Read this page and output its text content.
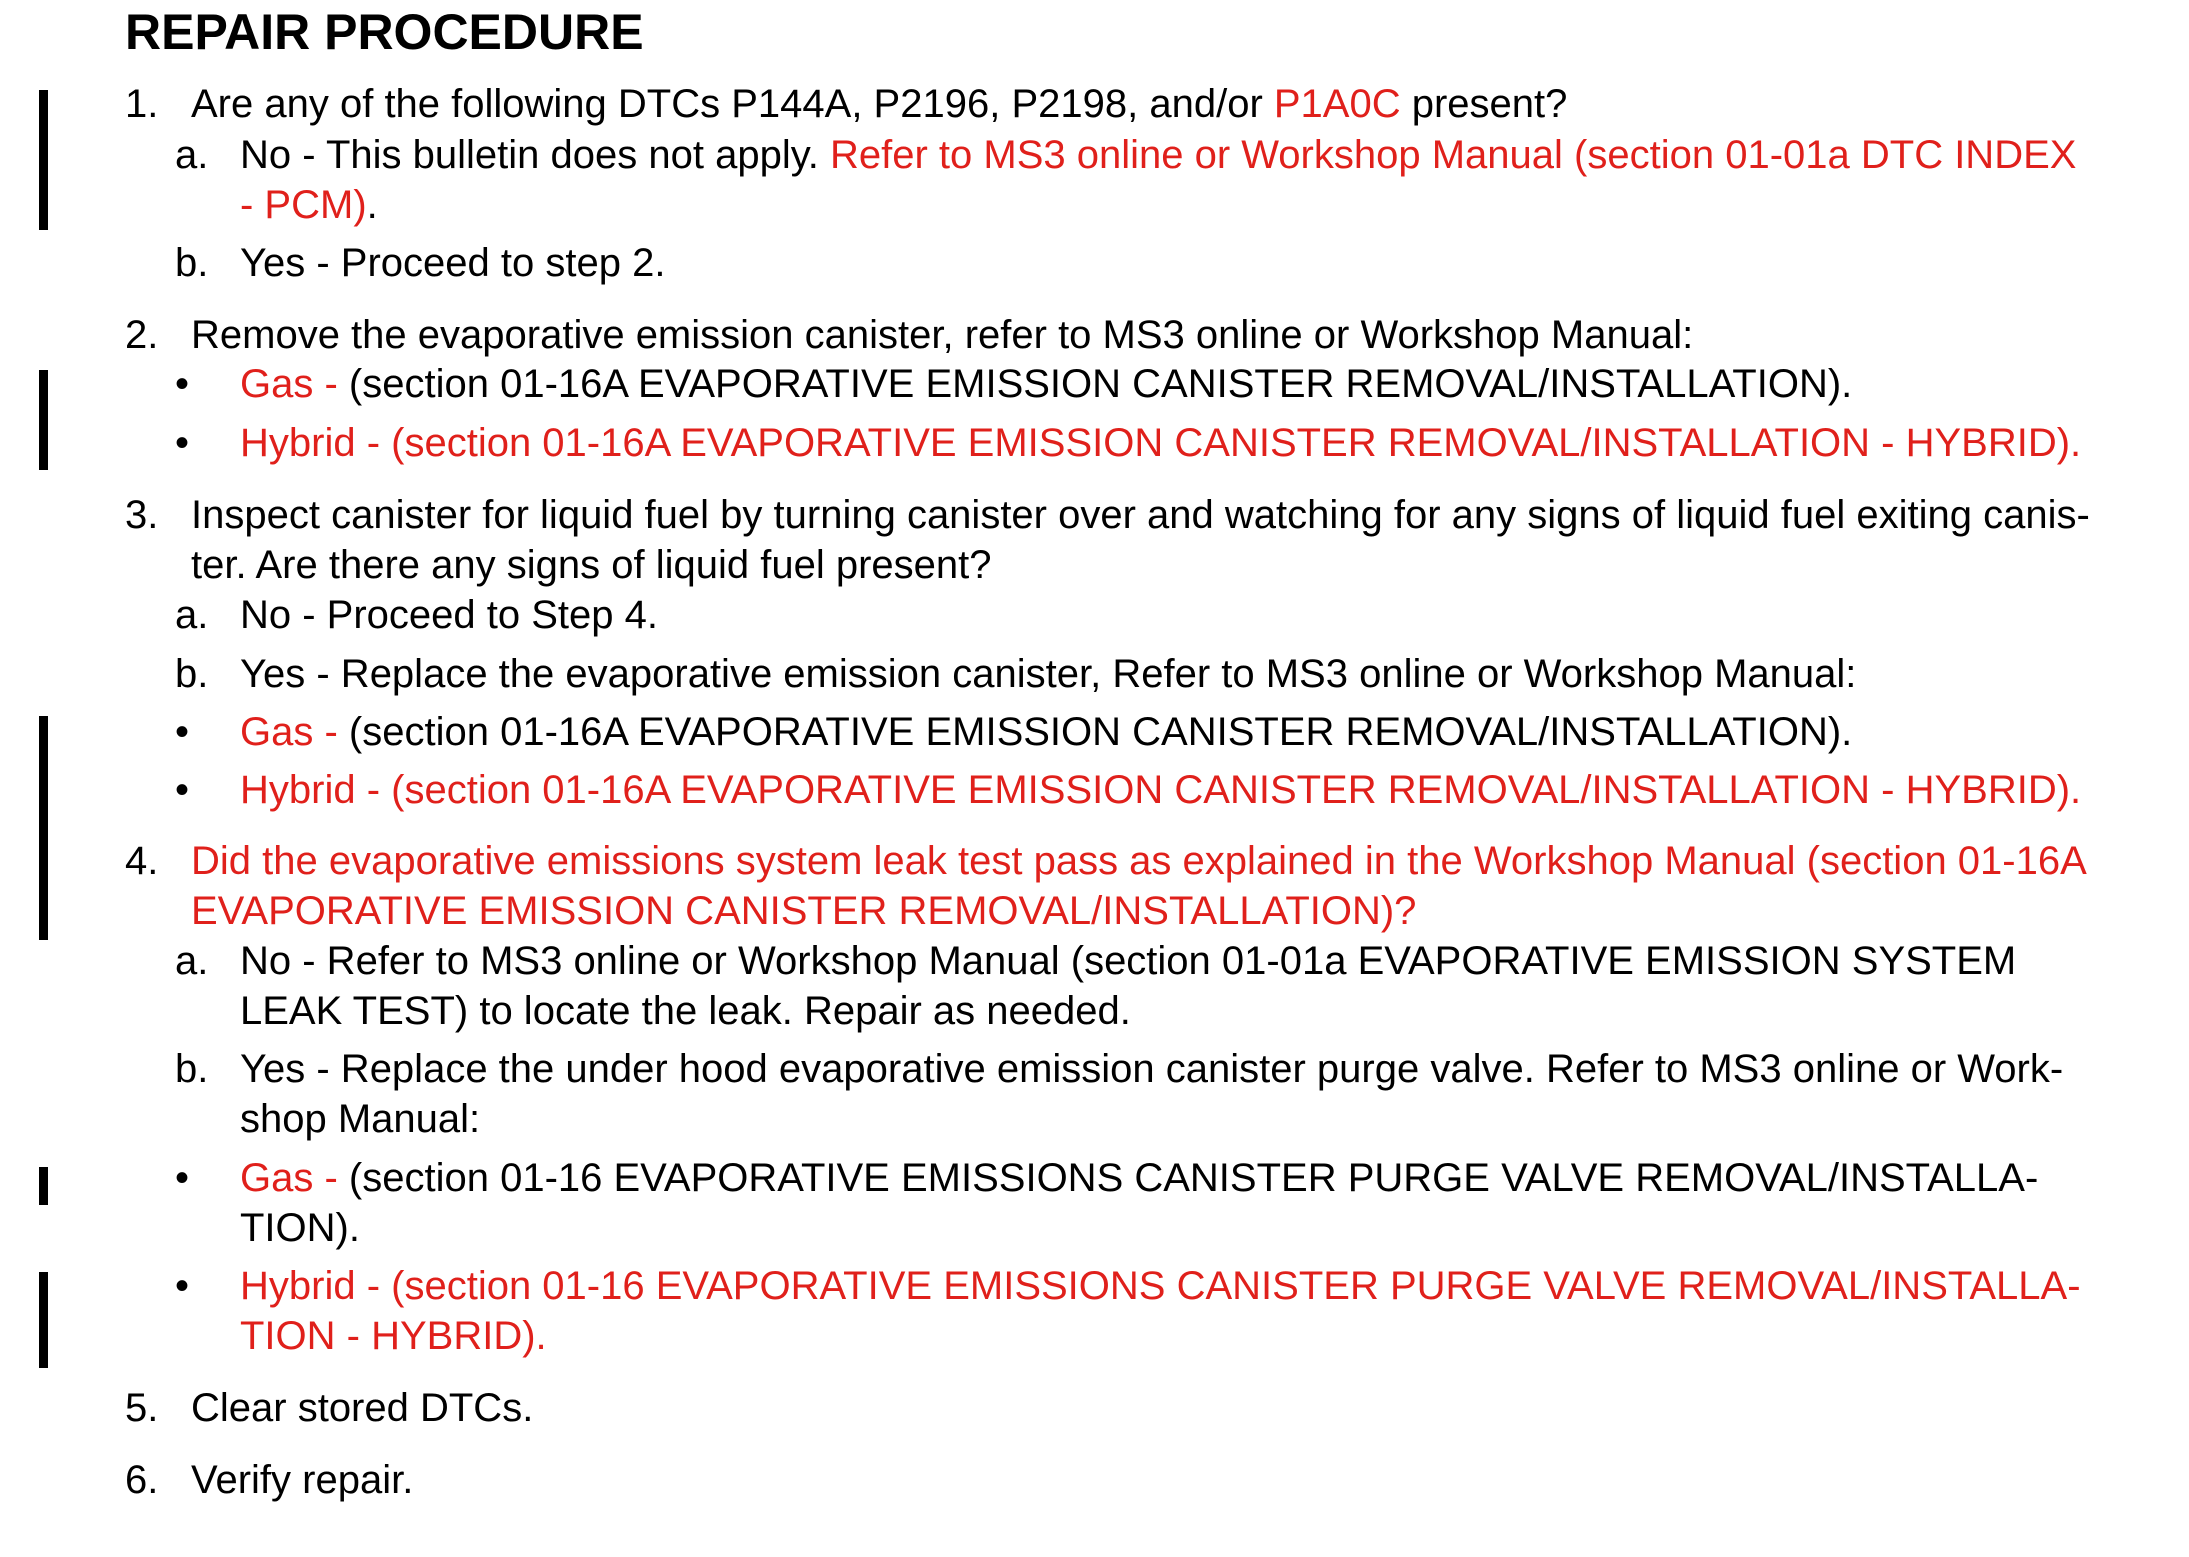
REPAIR PROCEDURE
1. Are any of the following DTCs P144A, P2196, P2198, and/or P1A0C present?
a. No - This bulletin does not apply. Refer to MS3 online or Workshop Manual (section 01-01a DTC INDEX
- PCM).
b. Yes - Proceed to step 2.
2. Remove the evaporative emission canister, refer to MS3 online or Workshop Manual:
• Gas - (section 01-16A EVAPORATIVE EMISSION CANISTER REMOVAL/INSTALLATION).
• Hybrid - (section 01-16A EVAPORATIVE EMISSION CANISTER REMOVAL/INSTALLATION - HYBRID).
3. Inspect canister for liquid fuel by turning canister over and watching for any signs of liquid fuel exiting canis-
ter. Are there any signs of liquid fuel present?
a. No - Proceed to Step 4.
b. Yes - Replace the evaporative emission canister, Refer to MS3 online or Workshop Manual:
• Gas - (section 01-16A EVAPORATIVE EMISSION CANISTER REMOVAL/INSTALLATION).
• Hybrid - (section 01-16A EVAPORATIVE EMISSION CANISTER REMOVAL/INSTALLATION - HYBRID).
4. Did the evaporative emissions system leak test pass as explained in the Workshop Manual (section 01-16A
EVAPORATIVE EMISSION CANISTER REMOVAL/INSTALLATION)?
a. No - Refer to MS3 online or Workshop Manual (section 01-01a EVAPORATIVE EMISSION SYSTEM
LEAK TEST) to locate the leak. Repair as needed.
b. Yes - Replace the under hood evaporative emission canister purge valve. Refer to MS3 online or Work-
shop Manual:
• Gas - (section 01-16 EVAPORATIVE EMISSIONS CANISTER PURGE VALVE REMOVAL/INSTALLA-
TION).
• Hybrid - (section 01-16 EVAPORATIVE EMISSIONS CANISTER PURGE VALVE REMOVAL/INSTALLA-
TION - HYBRID).
5. Clear stored DTCs.
6. Verify repair.
